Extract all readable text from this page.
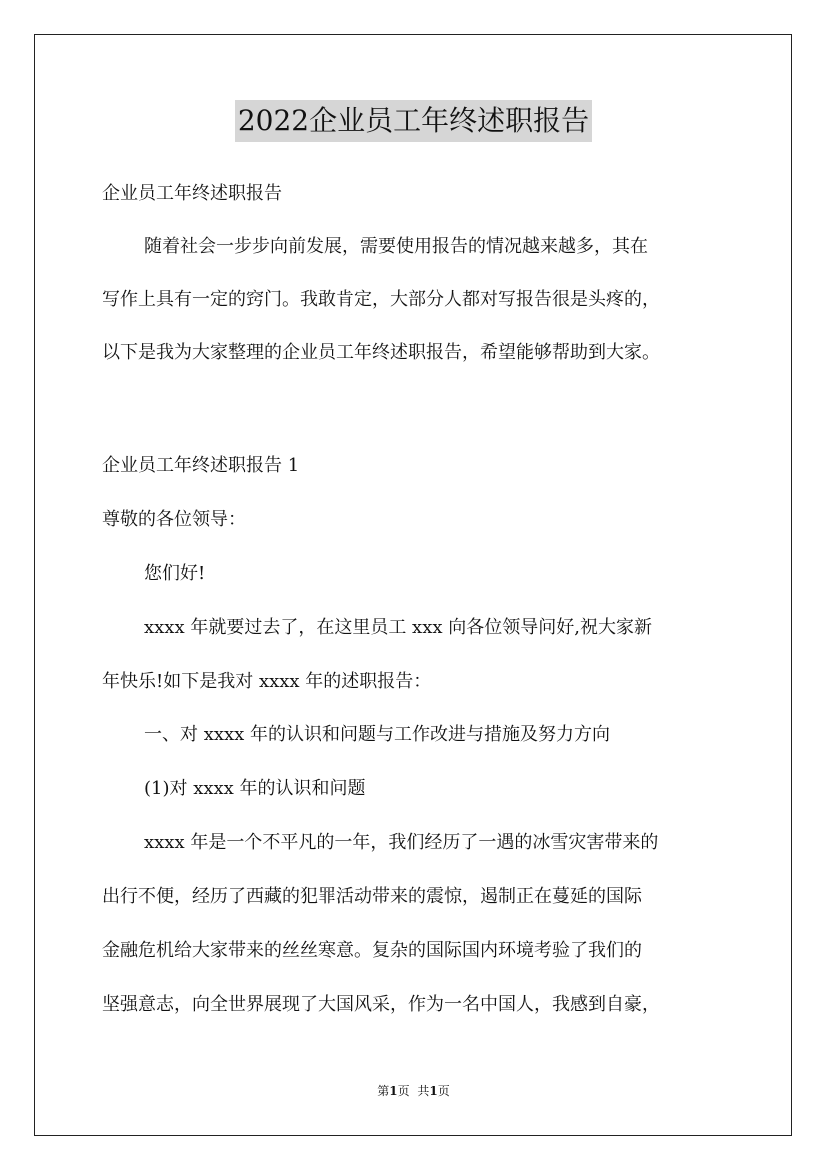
2022企业员工年终述职报告
企业员工年终述职报告
随着社会一步步向前发展，需要使用报告的情况越来越多，其在
写作上具有一定的窍门。我敢肯定，大部分人都对写报告很是头疼的，
以下是我为大家整理的企业员工年终述职报告，希望能够帮助到大家。
企业员工年终述职报告 1
尊敬的各位领导：
您们好!
xxxx 年就要过去了，在这里员工 xxx 向各位领导问好,祝大家新
年快乐!如下是我对 xxxx 年的述职报告：
一、对 xxxx 年的认识和问题与工作改进与措施及努力方向
(1)对 xxxx 年的认识和问题
xxxx 年是一个不平凡的一年，我们经历了一遇的冰雪灾害带来的
出行不便，经历了西藏的犯罪活动带来的震惊，遏制正在蔓延的国际
金融危机给大家带来的丝丝寒意。复杂的国际国内环境考验了我们的
坚强意志，向全世界展现了大国风采，作为一名中国人，我感到自豪，
第1页 共1页
